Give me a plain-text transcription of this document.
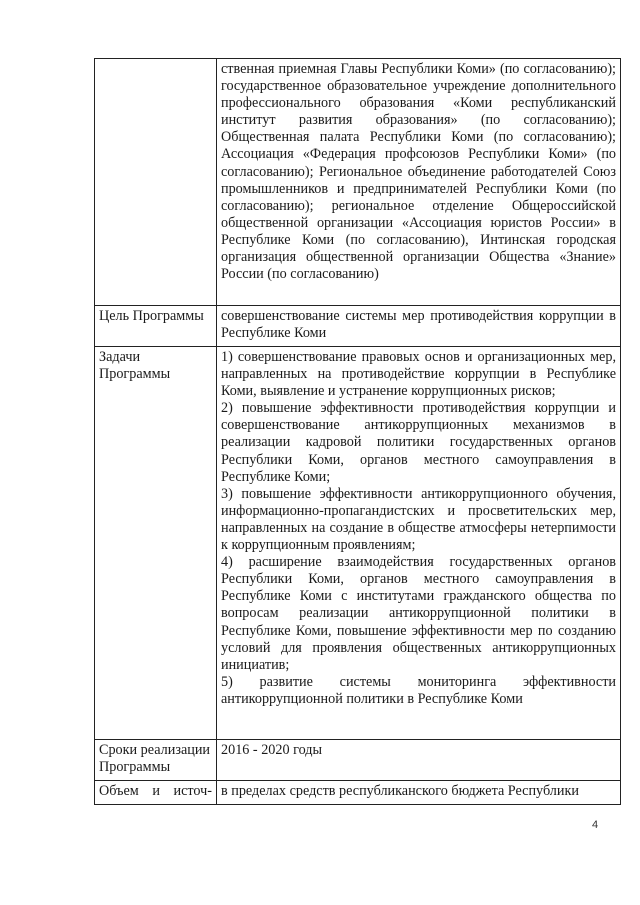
	ственная приемная Главы Республики Коми» (по согласованию); государственное образовательное учреждение дополнительного профессионального образования «Коми республиканский институт развития образования» (по согласованию); Общественная палата Республики Коми (по согласованию); Ассоциация «Федерация профсоюзов Республики Коми» (по согласованию); Региональное объединение работодателей Союз промышленников и предпринимателей Республики Коми (по согласованию); региональное отделение Общероссийской общественной организации «Ассоциация юристов России» в Республике Коми (по согласованию), Интинская городская организация общественной организации Общества «Знание» России (по согласованию)

Цель Программы	совершенствование системы мер противодействия коррупции в Республике Коми

Задачи Программы	1) совершенствование правовых основ и организационных мер, направленных на противодействие коррупции в Республике Коми, выявление и устранение коррупционных рисков;
2) повышение эффективности противодействия коррупции и совершенствование антикоррупционных механизмов в реализации кадровой политики государственных органов Республики Коми, органов местного самоуправления в Республике Коми;
3) повышение эффективности антикоррупционного обучения, информационно-пропагандистских и просветительских мер, направленных на создание в обществе атмосферы нетерпимости к коррупционным проявлениям;
4) расширение взаимодействия государственных органов Республики Коми, органов местного самоуправления в Республике Коми с институтами гражданского общества по вопросам реализации антикоррупционной политики в Республике Коми, повышение эффективности мер по созданию условий для проявления общественных антикоррупционных инициатив;
5) развитие системы мониторинга эффективности антикоррупционной политики в Республике Коми

Сроки реализации Программы	2016 - 2020 годы

Объем и источ-	в пределах средств республиканского бюджета Республики
4
